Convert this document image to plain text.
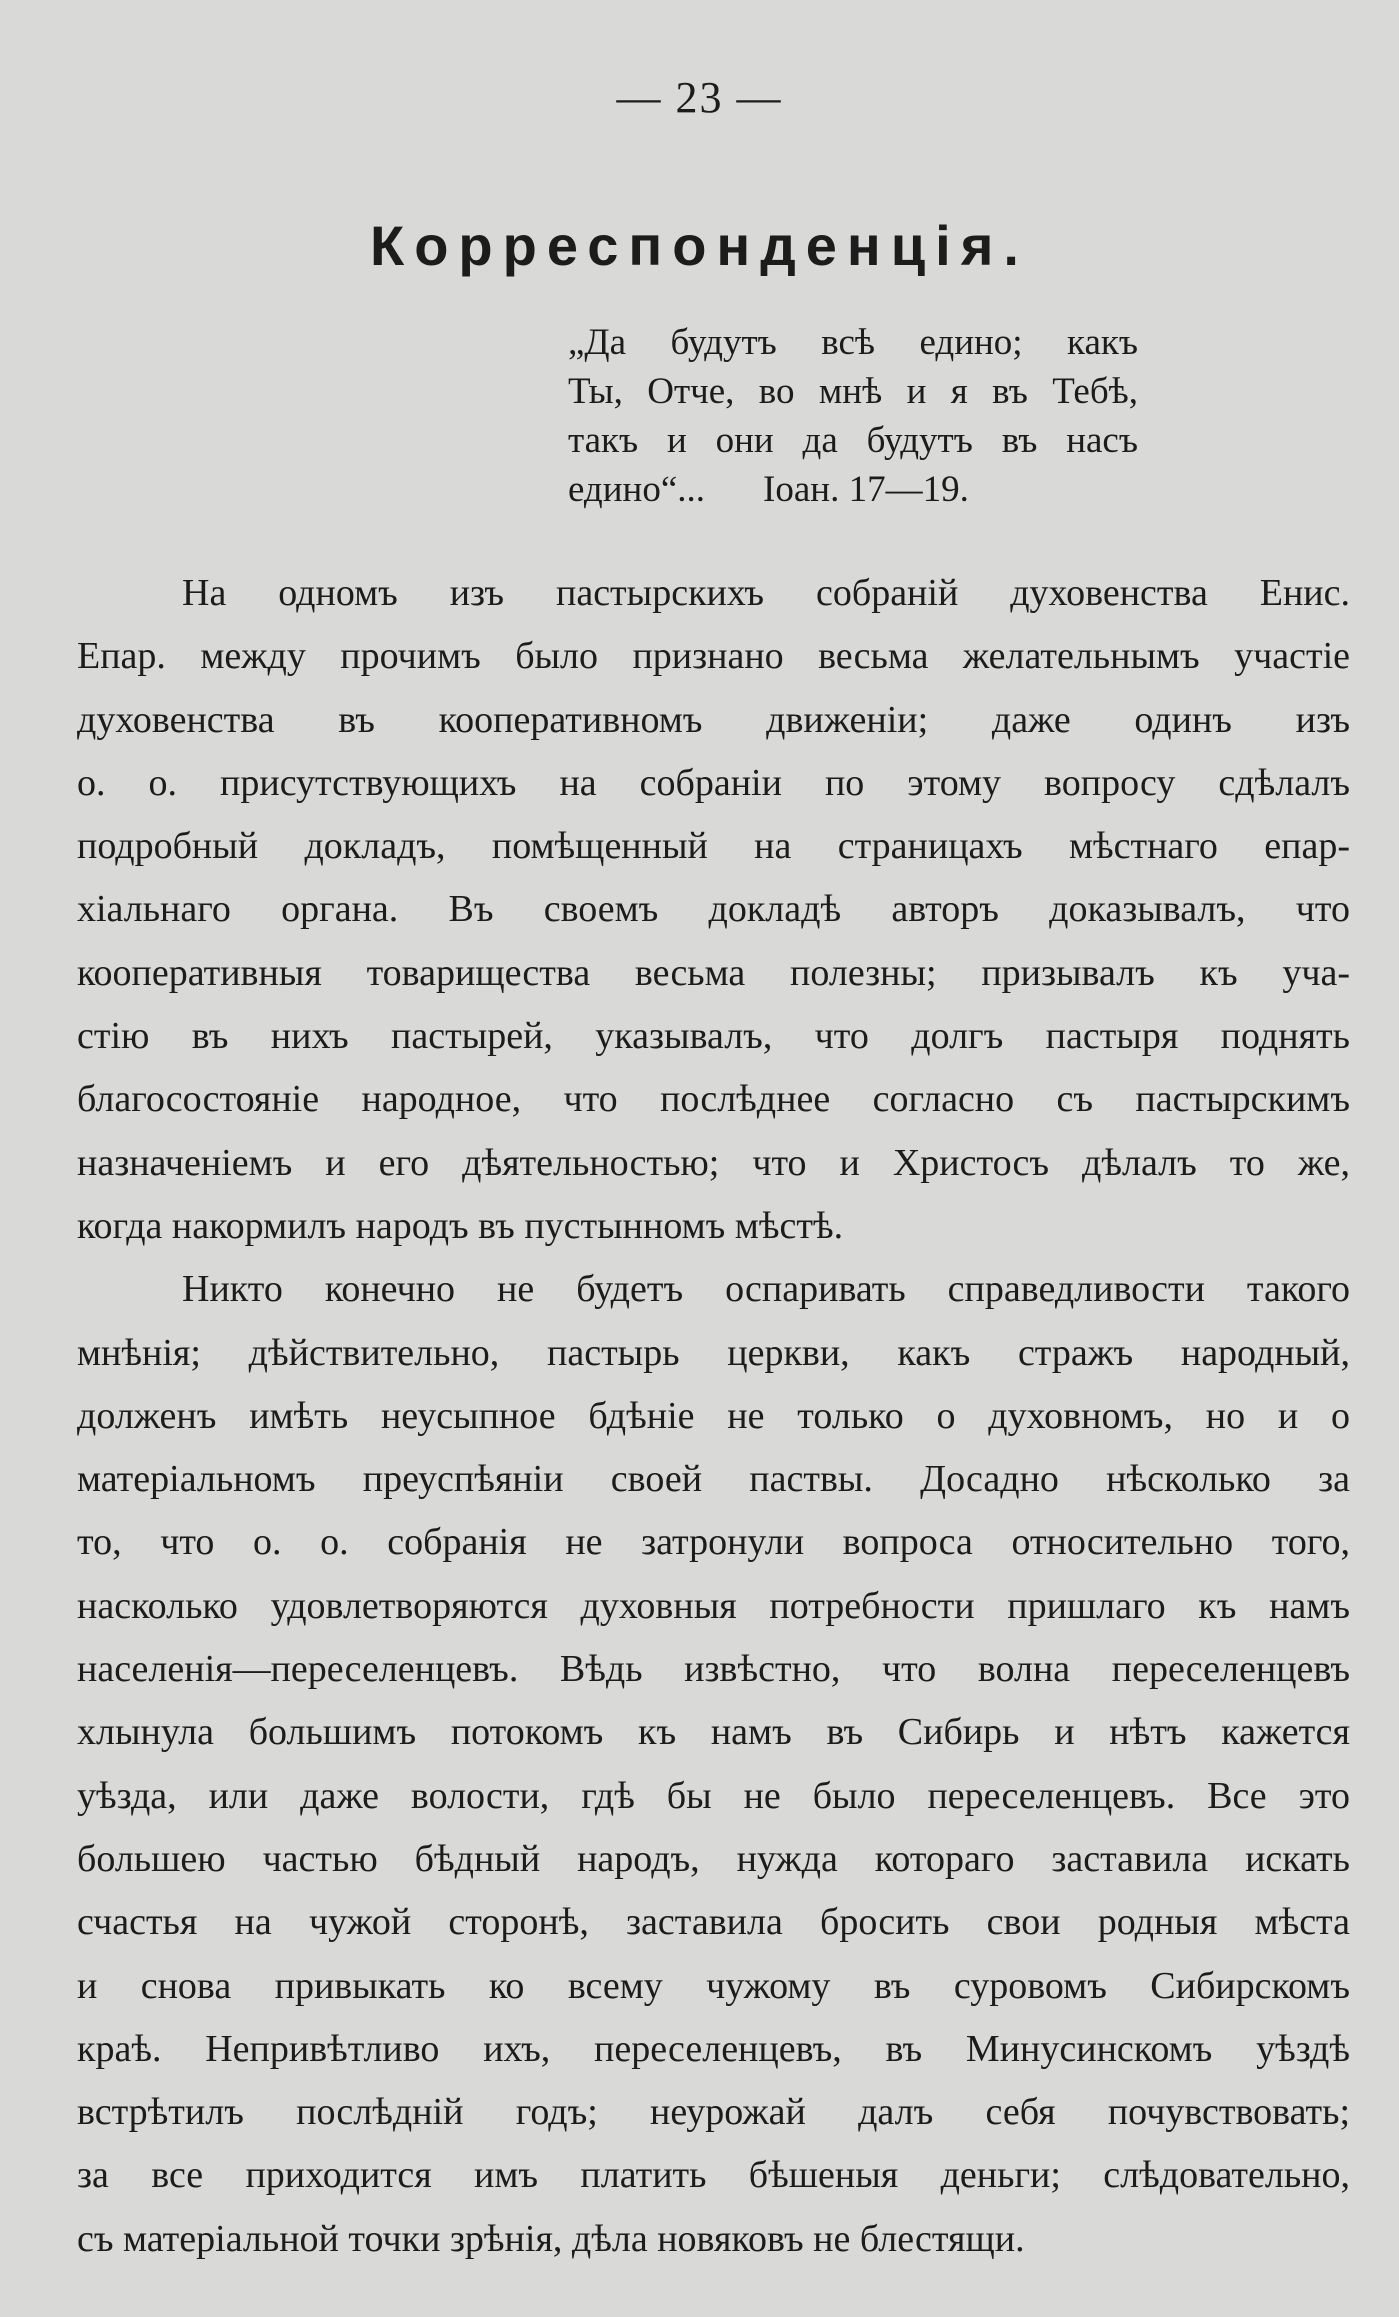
— 23 —
Корреспонденція.
„Да будутъ всѣ едино; какъ
Ты, Отче, во мнѣ и я въ Тебѣ,
такъ и они да будутъ въ насъ
едино“... Іоан. 17—19.
На одномъ изъ пастырскихъ собраній духовенства Енис.
Епар. между прочимъ было признано весьма желательнымъ участіе
духовенства въ кооперативномъ движеніи; даже одинъ изъ
о. о. присутствующихъ на собраніи по этому вопросу сдѣлалъ
подробный докладъ, помѣщенный на страницахъ мѣстнаго епар-
хіальнаго органа. Въ своемъ докладѣ авторъ доказывалъ, что
кооперативныя товарищества весьма полезны; призывалъ къ уча-
стію въ нихъ пастырей, указывалъ, что долгъ пастыря поднять
благосостояніе народное, что послѣднее согласно съ пастырскимъ
назначеніемъ и его дѣятельностью; что и Христосъ дѣлалъ то же,
когда накормилъ народъ въ пустынномъ мѣстѣ.
Никто конечно не будетъ оспаривать справедливости такого
мнѣнія; дѣйствительно, пастырь церкви, какъ стражъ народный,
долженъ имѣть неусыпное бдѣніе не только о духовномъ, но и о
матеріальномъ преуспѣяніи своей паствы. Досадно нѣсколько за
то, что о. о. собранія не затронули вопроса относительно того,
насколько удовлетворяются духовныя потребности пришлаго къ намъ
населенія—переселенцевъ. Вѣдь извѣстно, что волна переселенцевъ
хлынула большимъ потокомъ къ намъ въ Сибирь и нѣтъ кажется
уѣзда, или даже волости, гдѣ бы не было переселенцевъ. Все это
большею частью бѣдный народъ, нужда котораго заставила искать
счастья на чужой сторонѣ, заставила бросить свои родныя мѣста
и снова привыкать ко всему чужому въ суровомъ Сибирскомъ
краѣ. Непривѣтливо ихъ, переселенцевъ, въ Минусинскомъ уѣздѣ
встрѣтилъ послѣдній годъ; неурожай далъ себя почувствовать;
за все приходится имъ платить бѣшеныя деньги; слѣдовательно,
съ матеріальной точки зрѣнія, дѣла новяковъ не блестящи.
